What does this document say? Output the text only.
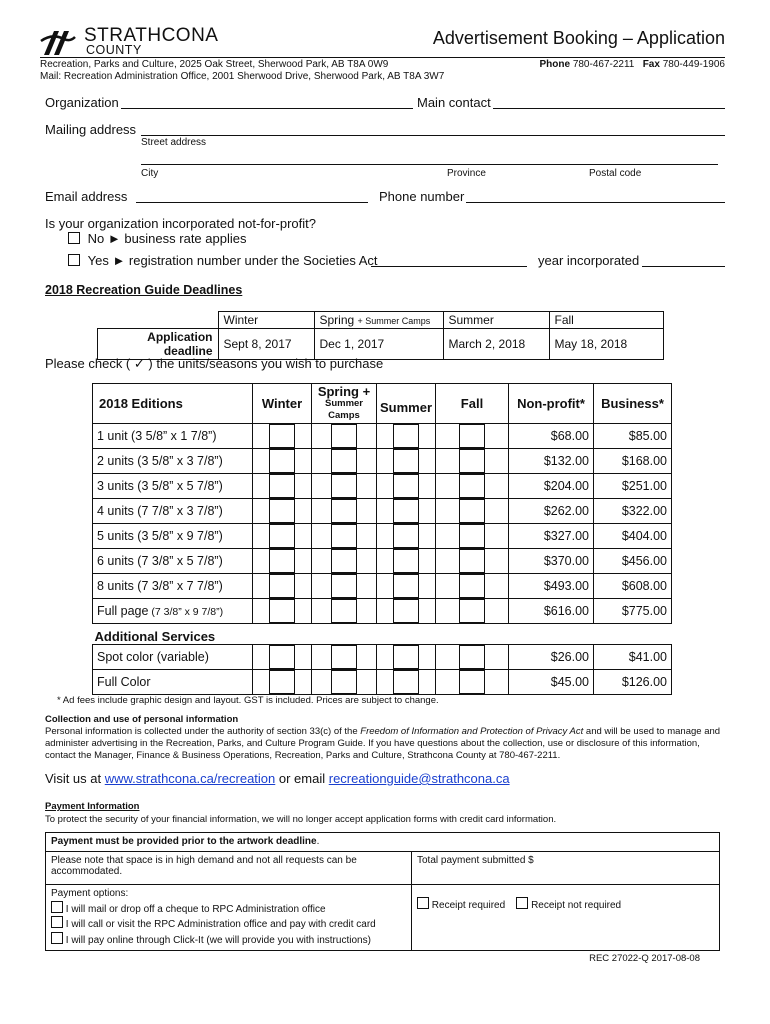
STRATHCONA
COUNTY
Advertisement Booking – Application
Recreation, Parks and Culture, 2025 Oak Street, Sherwood Park, AB T8A 0W9
Mail: Recreation Administration Office, 2001 Sherwood Drive, Sherwood Park, AB T8A 3W7
Phone 780-467-2211 Fax 780-449-1906
Organization	Main contact
Mailing address
Street address
City	Province	Postal code
Email address	Phone number
Is your organization incorporated not-for-profit?
No ► business rate applies
Yes ► registration number under the Societies Act	year incorporated
2018 Recreation Guide Deadlines
	Winter	Spring + Summer Camps	Summer	Fall
Application deadline	Sept 8, 2017	Dec 1, 2017	March 2, 2018	May 18, 2018
Please check ( ✓ ) the units/seasons you wish to purchase
2018 Editions	Winter	Spring +
Summer Camps	Summer	Fall	Non-profit*	Business*
1 unit (3 5/8” x 1 7/8”)					$68.00	$85.00
2 units (3 5/8” x 3 7/8”)					$132.00	$168.00
3 units (3 5/8” x 5 7/8”)					$204.00	$251.00
4 units (7 7/8” x 3 7/8”)					$262.00	$322.00
5 units (3 5/8” x 9 7/8”)					$327.00	$404.00
6 units (7 3/8” x 5 7/8”)					$370.00	$456.00
8 units (7 3/8” x 7 7/8”)					$493.00	$608.00
Full page (7 3/8” x 9 7/8”)					$616.00	$775.00
Additional Services						
Spot color (variable)					$26.00	$41.00
Full Color					$45.00	$126.00
* Ad fees include graphic design and layout. GST is included. Prices are subject to change.
Collection and use of personal information
Personal information is collected under the authority of section 33(c) of the Freedom of Information and Protection of Privacy Act and will be used to manage and administer advertising in the Recreation, Parks, and Culture Program Guide. If you have questions about the collection, use or disclosure of this information, contact the Manager, Finance & Business Operations, Recreation, Parks and Culture, Strathcona County at 780-467-2211.
Visit us at www.strathcona.ca/recreation or email recreationguide@strathcona.ca
Payment Information
To protect the security of your financial information, we will no longer accept application forms with credit card information.
Payment must be provided prior to the artwork deadline.	
Please note that space is in high demand and not all requests can be accommodated.	Total payment submitted $

Payment options:
I will mail or drop off a cheque to RPC Administration office
I will call or visit the RPC Administration office and pay with credit card
I will pay online through Click-It (we will provide you with instructions)	Receipt required Receipt not required
REC 27022-Q 2017-08-08
